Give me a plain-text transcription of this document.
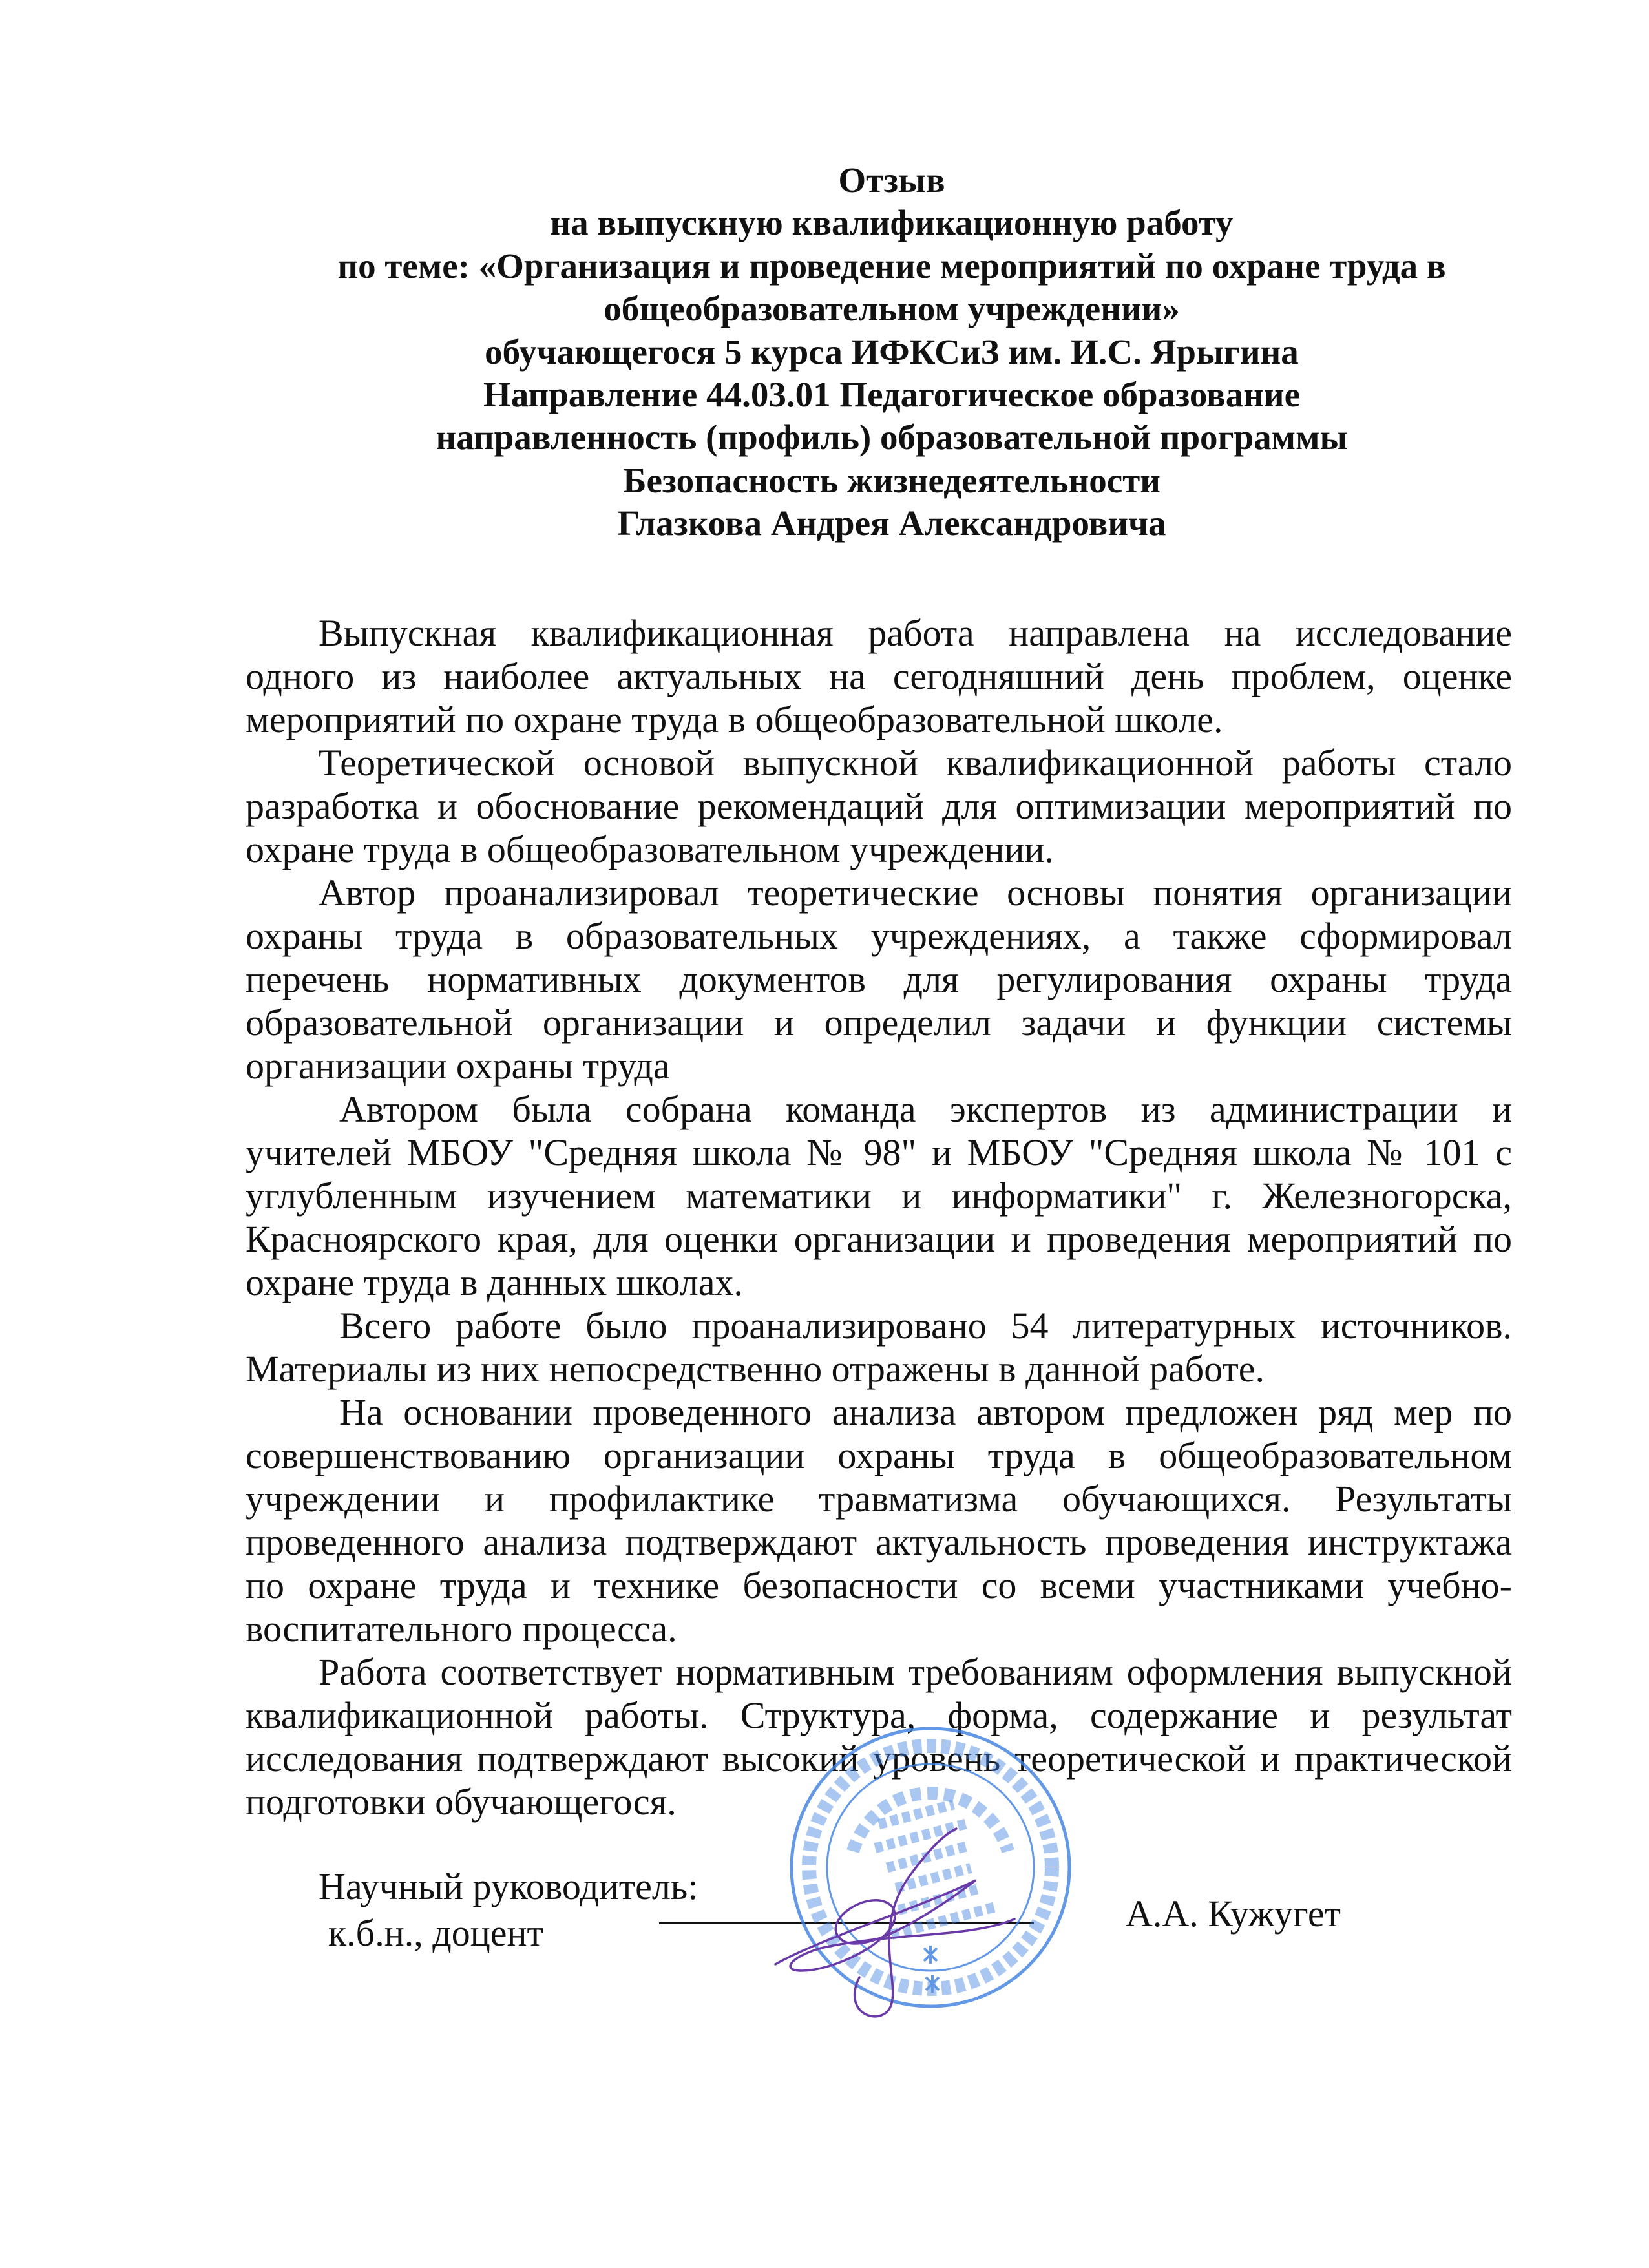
Отзыв
на выпускную квалификационную работу
по теме: «Организация и проведение мероприятий по охране труда в
общеобразовательном учреждении»
обучающегося 5 курса ИФКСиЗ им. И.С. Ярыгина
Направление 44.03.01 Педагогическое образование
направленность (профиль) образовательной программы
Безопасность жизнедеятельности
Глазкова Андрея Александровича
Выпускная квалификационная работа направлена на исследование
одного из наиболее актуальных на сегодняшний день проблем, оценке
мероприятий по охране труда в общеобразовательной школе.
Теоретической основой выпускной квалификационной работы стало
разработка и обоснование рекомендаций для оптимизации мероприятий по
охране труда в общеобразовательном учреждении.
Автор проанализировал теоретические основы понятия организации
охраны труда в образовательных учреждениях, а также сформировал
перечень нормативных документов для регулирования охраны труда
образовательной организации и определил задачи и функции системы
организации охраны труда
Автором была собрана команда экспертов из администрации и
учителей МБОУ "Средняя школа № 98" и МБОУ "Средняя школа № 101 с
углубленным изучением математики и информатики" г. Железногорска,
Красноярского края, для оценки организации и проведения мероприятий по
охране труда в данных школах.
Всего работе было проанализировано 54 литературных источников.
Материалы из них непосредственно отражены в данной работе.
На основании проведенного анализа автором предложен ряд мер по
совершенствованию организации охраны труда в общеобразовательном
учреждении и профилактике травматизма обучающихся. Результаты
проведенного анализа подтверждают актуальность проведения инструктажа
по охране труда и технике безопасности со всеми участниками учебно-
воспитательного процесса.
Работа соответствует нормативным требованиям оформления выпускной
квалификационной работы. Структура, форма, содержание и результат
исследования подтверждают высокий уровень теоретической и практической
подготовки обучающегося.
Научный руководитель:
к.б.н., доцент	А.А. Кужугет
